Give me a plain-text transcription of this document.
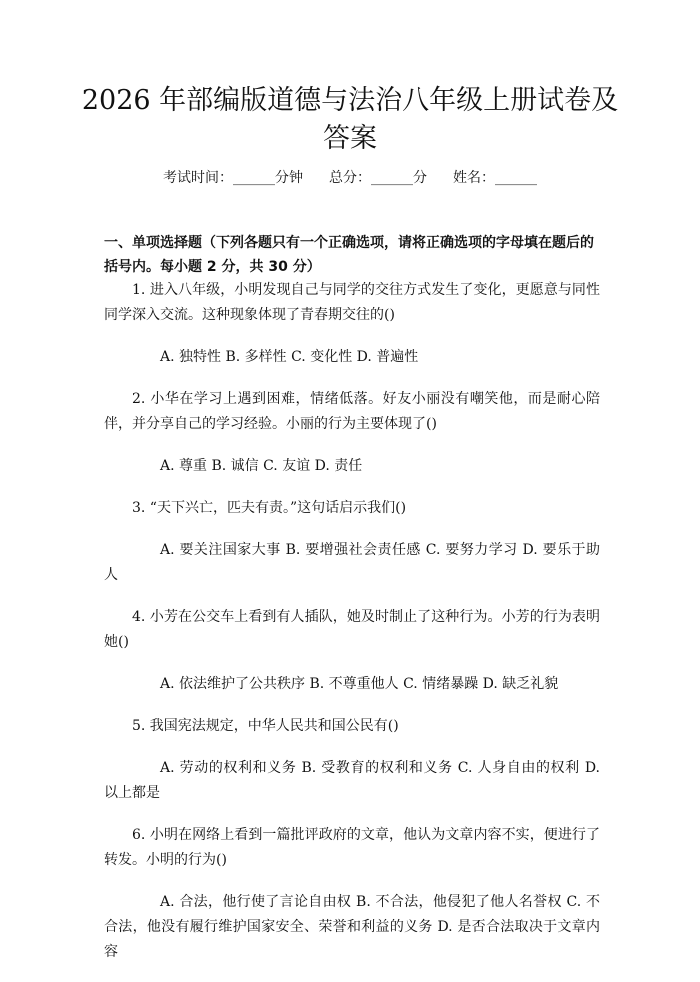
2026 年部编版道德与法治八年级上册试卷及答案
考试时间：______分钟 总分：______分 姓名：______
一、单项选择题（下列各题只有一个正确选项，请将正确选项的字母填在题后的括号内。每小题 2 分，共 30 分）

1. 进入八年级，小明发现自己与同学的交往方式发生了变化，更愿意与同性同学深入交流。这种现象体现了青春期交往的()

A. 独特性 B. 多样性 C. 变化性 D. 普遍性

2. 小华在学习上遇到困难，情绪低落。好友小丽没有嘲笑他，而是耐心陪伴，并分享自己的学习经验。小丽的行为主要体现了()

A. 尊重 B. 诚信 C. 友谊 D. 责任

3. “天下兴亡，匹夫有责。”这句话启示我们()

A. 要关注国家大事 B. 要增强社会责任感 C. 要努力学习 D. 要乐于助人

4. 小芳在公交车上看到有人插队，她及时制止了这种行为。小芳的行为表明她()

A. 依法维护了公共秩序 B. 不尊重他人 C. 情绪暴躁 D. 缺乏礼貌

5. 我国宪法规定，中华人民共和国公民有()

A. 劳动的权利和义务 B. 受教育的权利和义务 C. 人身自由的权利 D. 以上都是

6. 小明在网络上看到一篇批评政府的文章，他认为文章内容不实，便进行了转发。小明的行为()

A. 合法，他行使了言论自由权 B. 不合法，他侵犯了他人名誉权 C. 不合法，他没有履行维护国家安全、荣誉和利益的义务 D. 是否合法取决于文章内容
